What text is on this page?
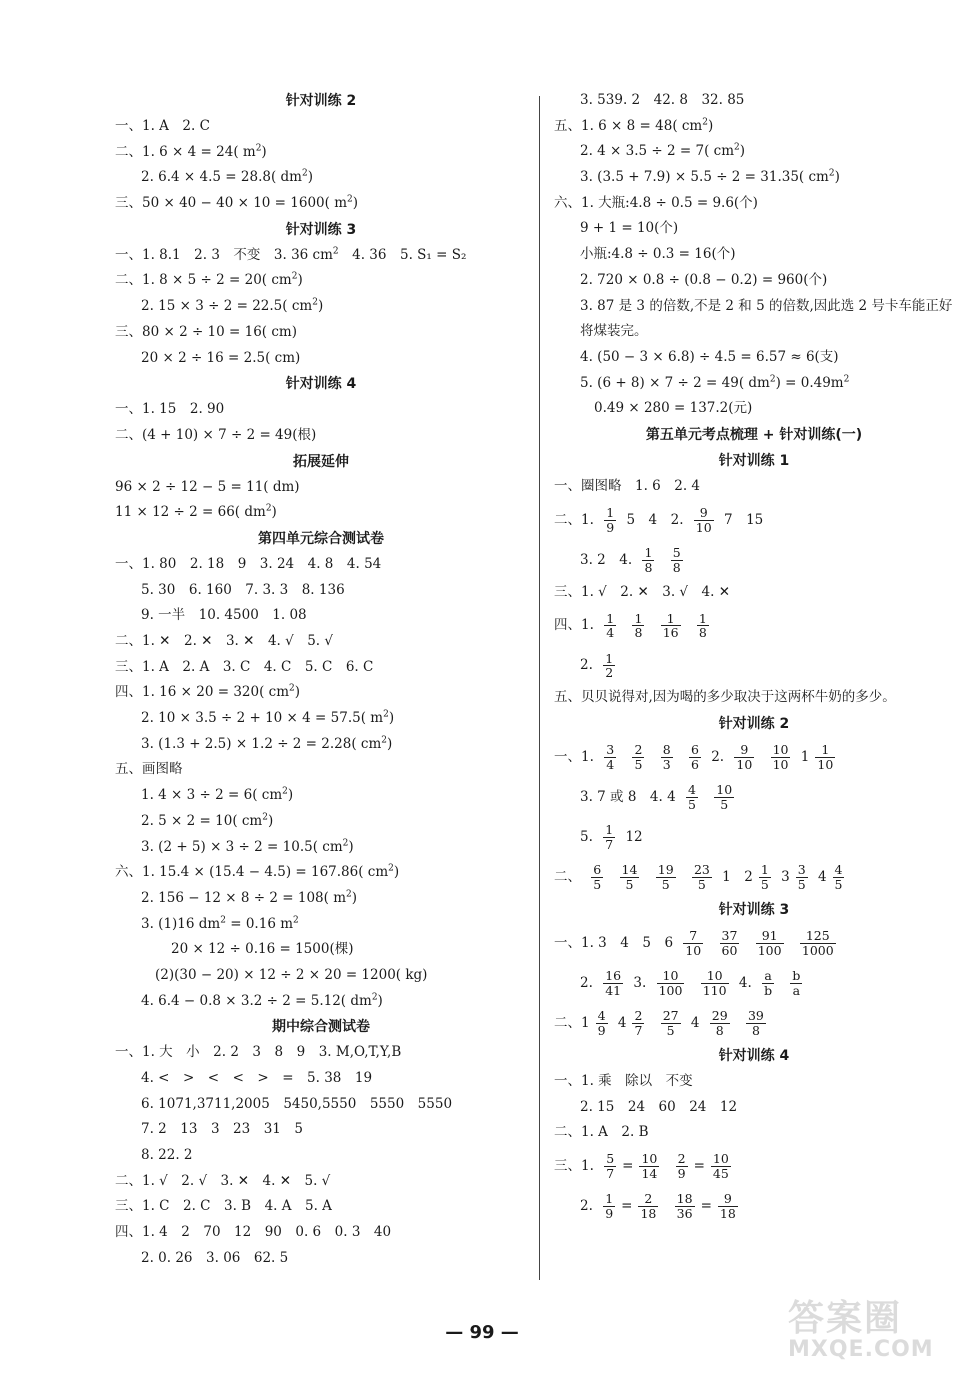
针对训练 2
一、1. A　2. C
二、1. 6 × 4 = 24( $m^2$)
2. 6.4 × 4.5 = 28.8( $dm^2$)
三、50 × 40 − 40 × 10 = 1600( $m^2$)
针对训练 3
一、1. 8.1　2. 3　不变　3. 36 $cm^2$　4. 36　5. S₁ = S₂
二、1. 8 × 5 ÷ 2 = 20( $cm^2$)
2. 15 × 3 ÷ 2 = 22.5( $cm^2$)
三、80 × 2 ÷ 10 = 16( cm)
20 × 2 ÷ 16 = 2.5( cm)
针对训练 4
一、1. 15　2. 90
二、(4 + 10) × 7 ÷ 2 = 49(根)
拓展延伸
96 × 2 ÷ 12 − 5 = 11( dm)
11 × 12 ÷ 2 = 66( $dm^2$)
第四单元综合测试卷
一、1. 80　2. 18　9　3. 24　4. 8　4. 54
5. 30　6. 160　7. 3. 3　8. 136
9. 一半　10. 4500　1. 08
二、1. ✕　2. ✕　3. ✕　4. √　5. √
三、1. A　2. A　3. C　4. C　5. C　6. C
四、1. 16 × 20 = 320( $cm^2$)
2. 10 × 3.5 ÷ 2 + 10 × 4 = 57.5( $m^2$)
3. (1.3 + 2.5) × 1.2 ÷ 2 = 2.28( $cm^2$)
五、画图略
1. 4 × 3 ÷ 2 = 6( $cm^2$)
2. 5 × 2 = 10( $cm^2$)
3. (2 + 5) × 3 ÷ 2 = 10.5( $cm^2$)
六、1. 15.4 × (15.4 − 4.5) = 167.86( $cm^2$)
2. 156 − 12 × 8 ÷ 2 = 108( $m^2$)
3. (1)16 $dm^2 = 0.16$ $m^2$
20 × 12 ÷ 0.16 = 1500(棵)
(2)(30 − 20) × 12 ÷ 2 × 20 = 1200( kg)
4. 6.4 − 0.8 × 3.2 ÷ 2 = 5.12( $dm^2$)
期中综合测试卷
一、1. 大　小　2. 2　3　8　9　3. M,O,T,Y,B
4. <　>　<　<　>　=　5. 38　19
6. 1071,3711,2005　5450,5550　5550　5550
7. 2　13　3　23　31　5
8. 22. 2
二、1. √　2. √　3. ✕　4. ✕　5. √
三、1. C　2. C　3. B　4. A　5. A
四、1. 4　2　70　12　90　0. 6　0. 3　40
2. 0. 26　3. 06　62. 5
3. 539. 2　42. 8　32. 85
五、1. 6 × 8 = 48( $cm^2$)
2. 4 × 3.5 ÷ 2 = 7( $cm^2$)
3. (3.5 + 7.9) × 5.5 ÷ 2 = 31.35( $cm^2$)
六、1. 大瓶:4.8 ÷ 0.5 = 9.6(个)
9 + 1 = 10(个)
小瓶:4.8 ÷ 0.3 = 16(个)
2. 720 × 0.8 ÷ (0.8 − 0.2) = 960(个)
3. 87 是 3 的倍数,不是 2 和 5 的倍数,因此选 2 号卡车能正好将煤装完。
4. (50 − 3 × 6.8) ÷ 4.5 = 6.57 ≈ 6(支)
5. (6 + 8) × 7 ÷ 2 = 49( $dm^2) = 0.49m^2$
0.49 × 280 = 137.2(元)
第五单元考点梳理 + 针对训练(一)
针对训练 1
一、圈图略　1. 6　2. 4
二、1. $\frac{1}{9} 5$　4　2. $\frac{9}{10} 7$　15
3. 2　4. $\frac{1}{8}$
$\frac{5}{8}$
三、1. √　2. ✕　3. √　4. ✕
四、1. $\frac{1}{4}$
$\frac{1}{8}$
$\frac{1}{16}$
$\frac{1}{8}$
2. $\frac{1}{2}$
五、贝贝说得对,因为喝的多少取决于这两杯牛奶的多少。
针对训练 2
一、1. $\frac{3}{4}$
$\frac{2}{5}$
$\frac{8}{3}$
$\frac{6}{6} 2$. $\frac{9}{10}$
$\frac{10}{10} 1 \frac{1}{10}$
3. 7 或 8　4. $4 \frac{4}{5}$
$\frac{10}{5}$
5. $\frac{1}{7} 12$
二、 $\frac{6}{5}$
$\frac{14}{5}$
$\frac{19}{5}$
$\frac{23}{5} 1$　$2 \frac{1}{5} 3 \frac{3}{5} 4 \frac{4}{5}$
针对训练 3
一、1. 3　4　5　$6 \frac{7}{10}$
$\frac{37}{60}$
$\frac{91}{100}$
$\frac{125}{1000}$
2. $\frac{16}{41} 3$. $\frac{10}{100}$
$\frac{10}{110} 4$. $\frac{a}{b}$
$\frac{b}{a}$
二、$1 \frac{4}{9} 4 \frac{2}{7}$
$\frac{27}{5} 4 \frac{29}{8}$
$\frac{39}{8}$
针对训练 4
一、1. 乘　除以　不变
2. 15　24　60　24　12
二、1. A　2. B
三、1. $\frac{5}{7} = \frac{10}{14}$
$\frac{2}{9} = \frac{10}{45}$
2. $\frac{1}{9} = \frac{2}{18}$
$\frac{18}{36} = \frac{9}{18}$
— 99 —	答案圈
MXQE.COM
